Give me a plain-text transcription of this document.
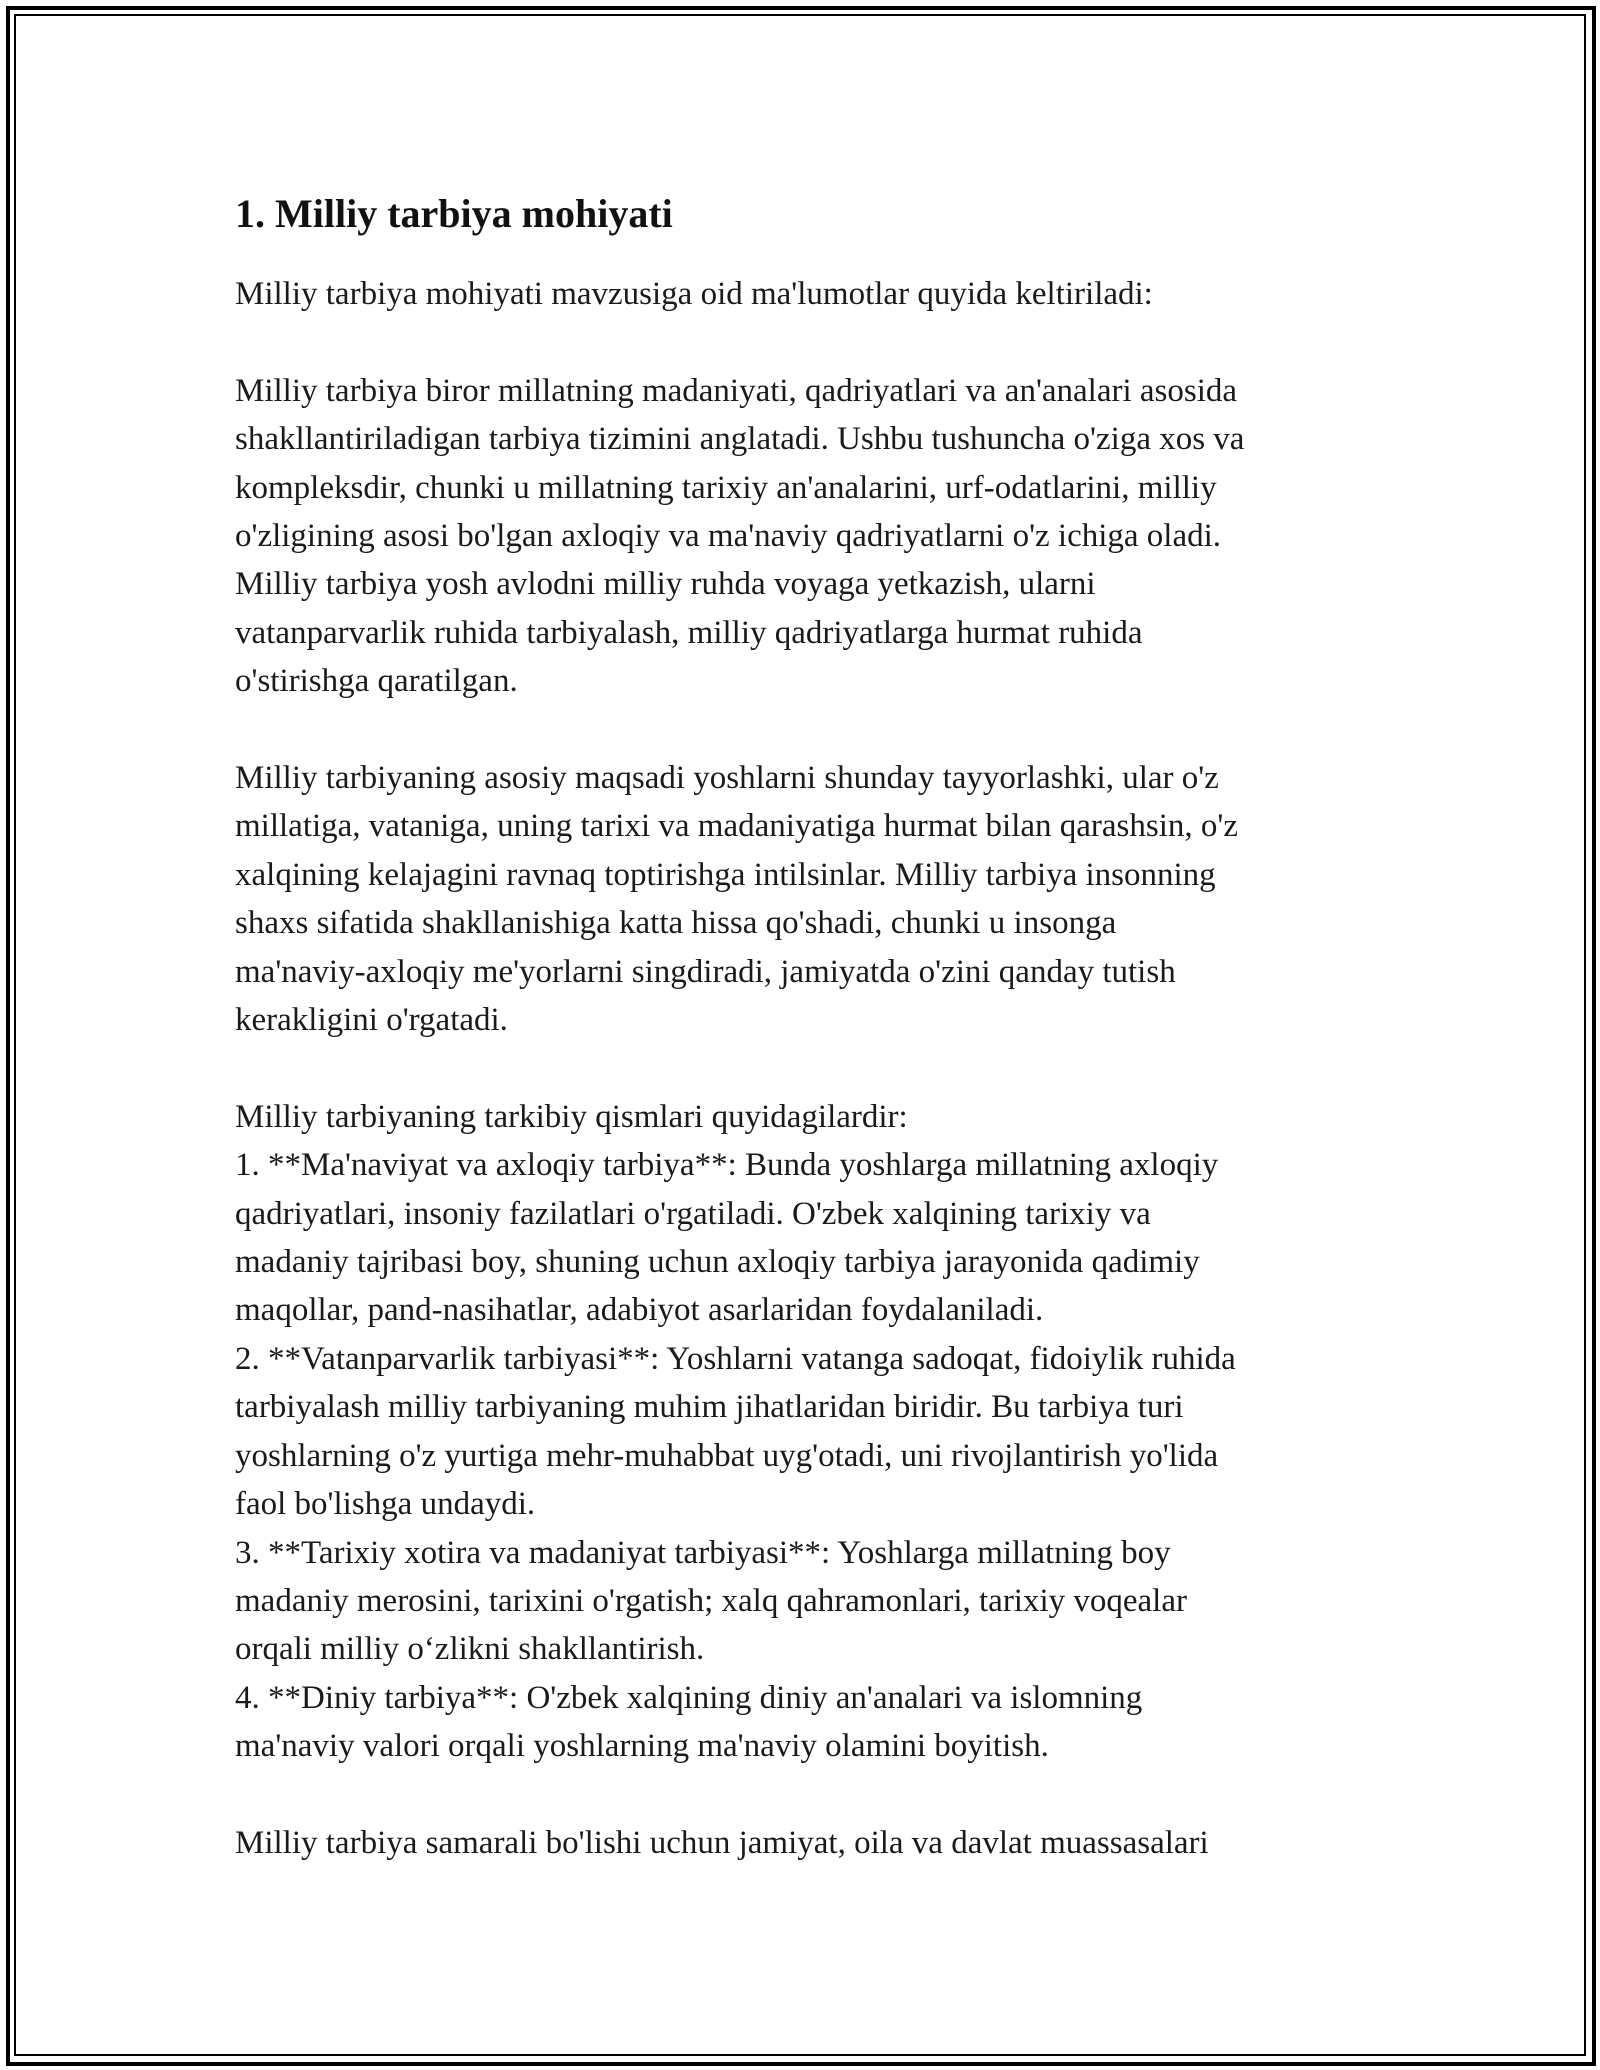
1. Milliy tarbiya mohiyati
Milliy tarbiya mohiyati mavzusiga oid ma'lumotlar quyida keltiriladi:
Milliy tarbiya biror millatning madaniyati, qadriyatlari va an'analari asosida
shakllantiriladigan tarbiya tizimini anglatadi. Ushbu tushuncha o'ziga xos va
kompleksdir, chunki u millatning tarixiy an'analarini, urf-odatlarini, milliy
o'zligining asosi bo'lgan axloqiy va ma'naviy qadriyatlarni o'z ichiga oladi.
Milliy tarbiya yosh avlodni milliy ruhda voyaga yetkazish, ularni
vatanparvarlik ruhida tarbiyalash, milliy qadriyatlarga hurmat ruhida
o'stirishga qaratilgan.
Milliy tarbiyaning asosiy maqsadi yoshlarni shunday tayyorlashki, ular o'z
millatiga, vataniga, uning tarixi va madaniyatiga hurmat bilan qarashsin, o'z
xalqining kelajagini ravnaq toptirishga intilsinlar. Milliy tarbiya insonning
shaxs sifatida shakllanishiga katta hissa qo'shadi, chunki u insonga
ma'naviy-axloqiy me'yorlarni singdiradi, jamiyatda o'zini qanday tutish
kerakligini o'rgatadi.
Milliy tarbiyaning tarkibiy qismlari quyidagilardir:
1. **Ma'naviyat va axloqiy tarbiya**: Bunda yoshlarga millatning axloqiy
qadriyatlari, insoniy fazilatlari o'rgatiladi. O'zbek xalqining tarixiy va
madaniy tajribasi boy, shuning uchun axloqiy tarbiya jarayonida qadimiy
maqollar, pand-nasihatlar, adabiyot asarlaridan foydalaniladi.
2. **Vatanparvarlik tarbiyasi**: Yoshlarni vatanga sadoqat, fidoiylik ruhida
tarbiyalash milliy tarbiyaning muhim jihatlaridan biridir. Bu tarbiya turi
yoshlarning o'z yurtiga mehr-muhabbat uyg'otadi, uni rivojlantirish yo'lida
faol bo'lishga undaydi.
3. **Tarixiy xotira va madaniyat tarbiyasi**: Yoshlarga millatning boy
madaniy merosini, tarixini o'rgatish; xalq qahramonlari, tarixiy voqealar
orqali milliy o‘zlikni shakllantirish.
4. **Diniy tarbiya**: O'zbek xalqining diniy an'analari va islomning
ma'naviy valori orqali yoshlarning ma'naviy olamini boyitish.
Milliy tarbiya samarali bo'lishi uchun jamiyat, oila va davlat muassasalari
